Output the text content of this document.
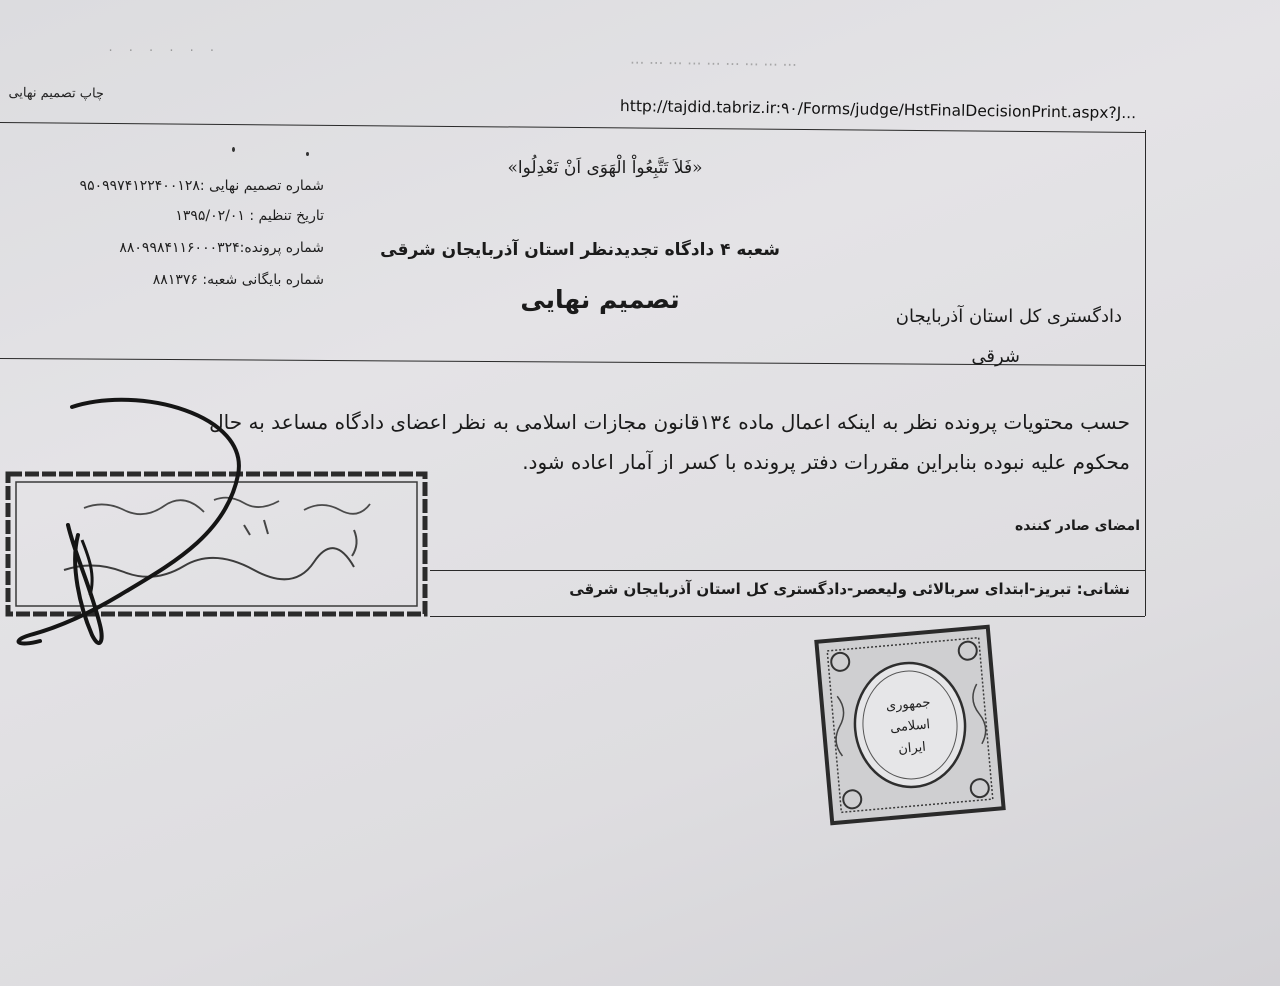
· · · · · ·
··· ··· ··· ··· ··· ··· ··· ··· ···
چاپ تصمیم نهایی
http://tajdid.tabriz.ir:۹۰/Forms/judge/HstFinalDecisionPrint.aspx?J...
«فَلاَ تَتَّبِعُواْ الْهَوَى اَنْ تَعْدِلُوا»
شماره تصمیم نهایی :۹۵۰۹۹۷۴۱۲۲۴۰۰۱۲۸
تاریخ تنظیم : ۱۳۹۵/۰۲/۰۱
شماره پرونده:۸۸۰۹۹۸۴۱۱۶۰۰۰۳۲۴
شماره بایگانی شعبه: ۸۸۱۳۷۶
شعبه ۴ دادگاه تجدیدنظر استان آذربایجان شرقی
تصمیم نهایی
دادگستری کل استان آذربایجان
شرقی
حسب محتویات پرونده نظر به اینکه اعمال ماده ۱۳٤قانون مجازات اسلامی به نظر اعضای دادگاه مساعد به حال
محکوم علیه نبوده بنابراین مقررات دفتر پرونده با کسر از آمار اعاده شود.
امضای صادر کننده
نشانی: تبریز-ابتدای سربالائی ولیعصر-دادگستری کل استان آذربایجان شرقی
جمهوری
اسلامی
ایران
